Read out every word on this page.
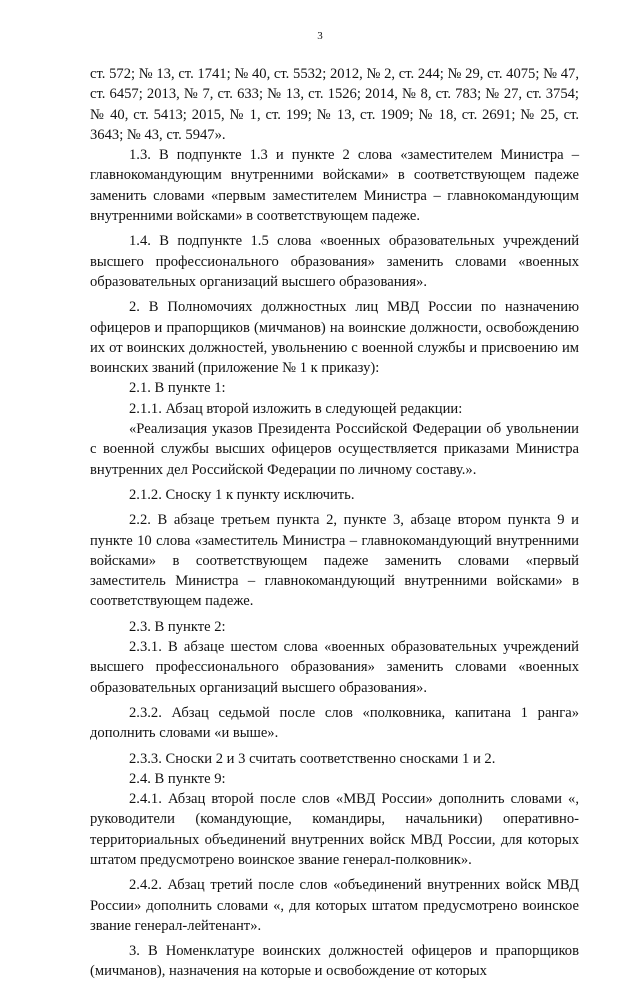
3

ст. 572; № 13, ст. 1741; № 40, ст. 5532; 2012, № 2, ст. 244; № 29, ст. 4075; № 47, ст. 6457; 2013, № 7, ст. 633; № 13, ст. 1526; 2014, № 8, ст. 783; № 27, ст. 3754; № 40, ст. 5413; 2015, № 1, ст. 199; № 13, ст. 1909; № 18, ст. 2691; № 25, ст. 3643; № 43, ст. 5947».

1.3. В подпункте 1.3 и пункте 2 слова «заместителем Министра – главнокомандующим внутренними войсками» в соответствующем падеже заменить словами «первым заместителем Министра – главнокомандующим внутренними войсками» в соответствующем падеже.

1.4. В подпункте 1.5 слова «военных образовательных учреждений высшего профессионального образования» заменить словами «военных образовательных организаций высшего образования».

2. В Полномочиях должностных лиц МВД России по назначению офицеров и прапорщиков (мичманов) на воинские должности, освобождению их от воинских должностей, увольнению с военной службы и присвоению им воинских званий (приложение № 1 к приказу):

2.1. В пункте 1:

2.1.1. Абзац второй изложить в следующей редакции:

«Реализация указов Президента Российской Федерации об увольнении с военной службы высших офицеров осуществляется приказами Министра внутренних дел Российской Федерации по личному составу.».

2.1.2. Сноску 1 к пункту исключить.

2.2. В абзаце третьем пункта 2, пункте 3, абзаце втором пункта 9 и пункте 10 слова «заместитель Министра – главнокомандующий внутренними войсками» в соответствующем падеже заменить словами «первый заместитель Министра – главнокомандующий внутренними войсками» в соответствующем падеже.

2.3. В пункте 2:

2.3.1. В абзаце шестом слова «военных образовательных учреждений высшего профессионального образования» заменить словами «военных образовательных организаций высшего образования».

2.3.2. Абзац седьмой после слов «полковника, капитана 1 ранга» дополнить словами «и выше».

2.3.3. Сноски 2 и 3 считать соответственно сносками 1 и 2.

2.4. В пункте 9:

2.4.1. Абзац второй после слов «МВД России» дополнить словами «, руководители (командующие, командиры, начальники) оперативно-территориальных объединений внутренних войск МВД России, для которых штатом предусмотрено воинское звание генерал-полковник».

2.4.2. Абзац третий после слов «объединений внутренних войск МВД России» дополнить словами «, для которых штатом предусмотрено воинское звание генерал-лейтенант».

3. В Номенклатуре воинских должностей офицеров и прапорщиков (мичманов), назначения на которые и освобождение от которых
